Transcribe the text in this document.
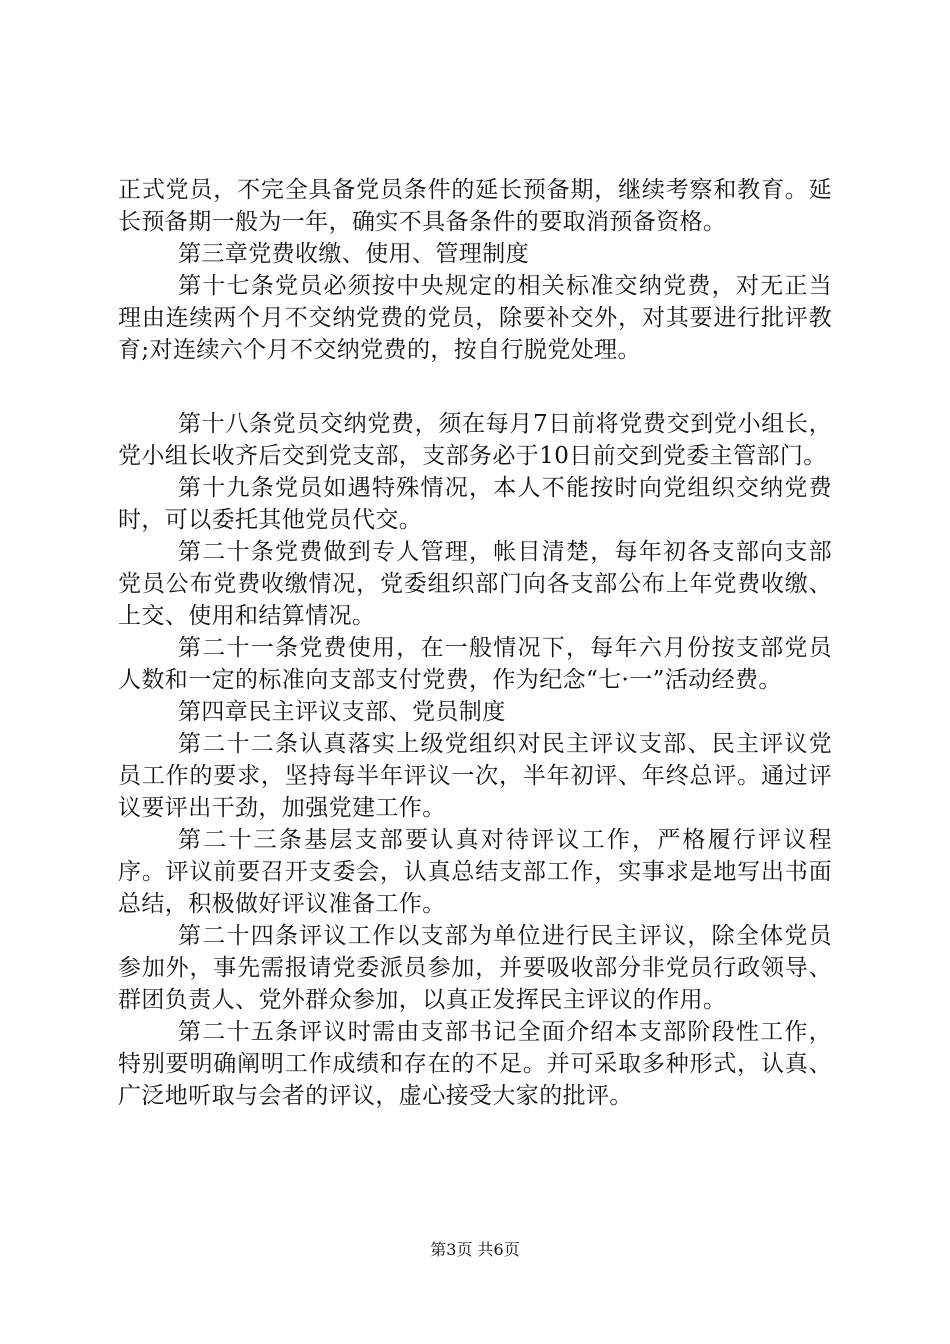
正式党员，不完全具备党员条件的延长预备期，继续考察和教育。延长预备期一般为一年，确实不具备条件的要取消预备资格。

第三章党费收缴、使用、管理制度

第十七条党员必须按中央规定的相关标准交纳党费，对无正当理由连续两个月不交纳党费的党员，除要补交外，对其要进行批评教育;对连续六个月不交纳党费的，按自行脱党处理。

第十八条党员交纳党费，须在每月7日前将党费交到党小组长，党小组长收齐后交到党支部，支部务必于10日前交到党委主管部门。

第十九条党员如遇特殊情况，本人不能按时向党组织交纳党费时，可以委托其他党员代交。

第二十条党费做到专人管理，帐目清楚，每年初各支部向支部党员公布党费收缴情况，党委组织部门向各支部公布上年党费收缴、上交、使用和结算情况。

第二十一条党费使用，在一般情况下，每年六月份按支部党员人数和一定的标准向支部支付党费，作为纪念“七·一”活动经费。

第四章民主评议支部、党员制度

第二十二条认真落实上级党组织对民主评议支部、民主评议党员工作的要求，坚持每半年评议一次，半年初评、年终总评。通过评议要评出干劲，加强党建工作。

第二十三条基层支部要认真对待评议工作，严格履行评议程序。评议前要召开支委会，认真总结支部工作，实事求是地写出书面总结，积极做好评议准备工作。

第二十四条评议工作以支部为单位进行民主评议，除全体党员参加外，事先需报请党委派员参加，并要吸收部分非党员行政领导、群团负责人、党外群众参加，以真正发挥民主评议的作用。

第二十五条评议时需由支部书记全面介绍本支部阶段性工作，特别要明确阐明工作成绩和存在的不足。并可采取多种形式，认真、广泛地听取与会者的评议，虚心接受大家的批评。

第3页 共6页
